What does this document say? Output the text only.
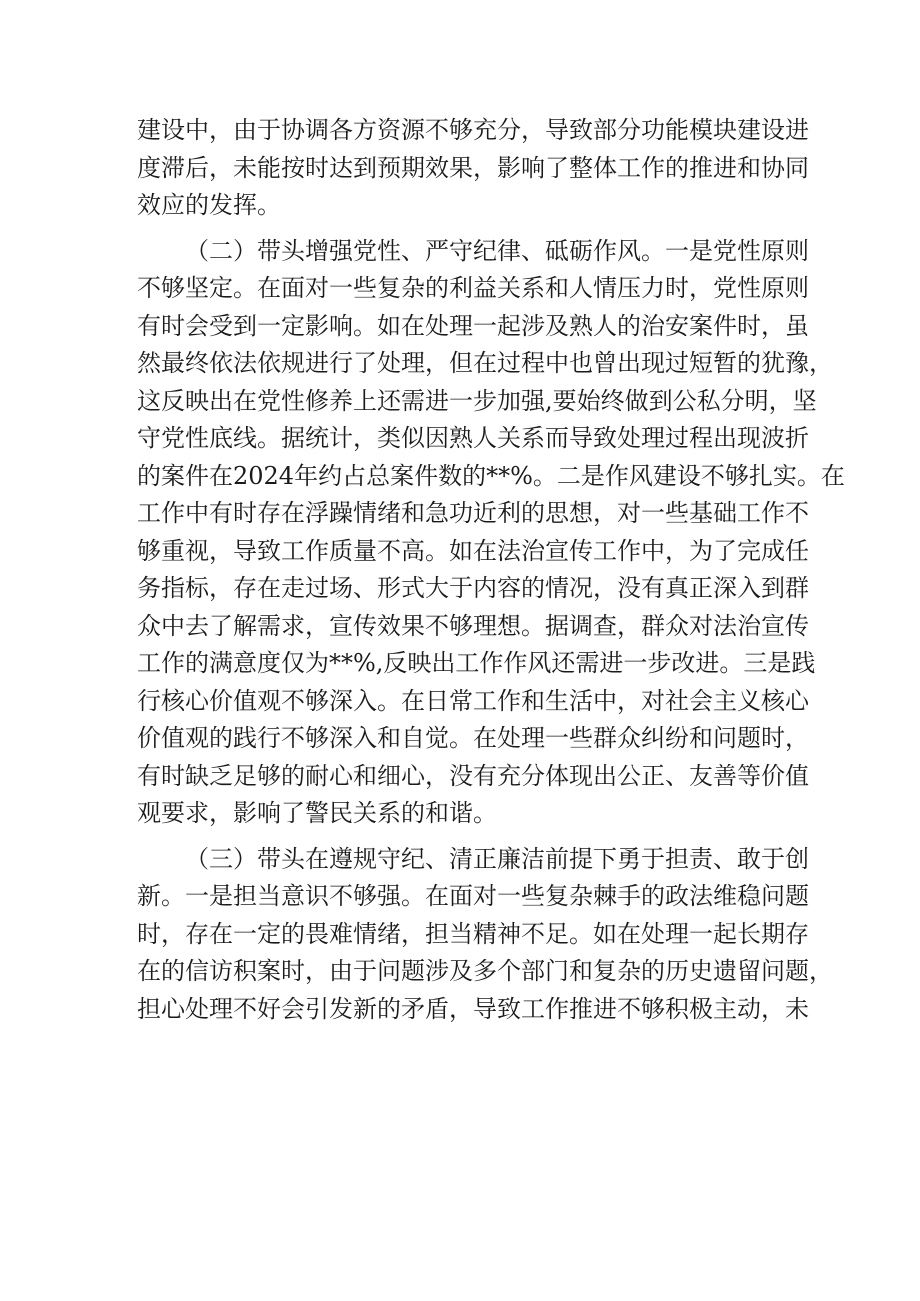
建设中，由于协调各方资源不够充分，导致部分功能模块建设进
度滞后，未能按时达到预期效果，影响了整体工作的推进和协同
效应的发挥。
（二）带头增强党性、严守纪律、砥砺作风。一是党性原则
不够坚定。在面对一些复杂的利益关系和人情压力时，党性原则
有时会受到一定影响。如在处理一起涉及熟人的治安案件时，虽
然最终依法依规进行了处理，但在过程中也曾出现过短暂的犹豫，
这反映出在党性修养上还需进一步加强,要始终做到公私分明，坚
守党性底线。据统计，类似因熟人关系而导致处理过程出现波折
的案件在2024年约占总案件数的**%。二是作风建设不够扎实。在
工作中有时存在浮躁情绪和急功近利的思想，对一些基础工作不
够重视，导致工作质量不高。如在法治宣传工作中，为了完成任
务指标，存在走过场、形式大于内容的情况，没有真正深入到群
众中去了解需求，宣传效果不够理想。据调查，群众对法治宣传
工作的满意度仅为**%,反映出工作作风还需进一步改进。三是践
行核心价值观不够深入。在日常工作和生活中，对社会主义核心
价值观的践行不够深入和自觉。在处理一些群众纠纷和问题时，
有时缺乏足够的耐心和细心，没有充分体现出公正、友善等价值
观要求，影响了警民关系的和谐。
（三）带头在遵规守纪、清正廉洁前提下勇于担责、敢于创
新。一是担当意识不够强。在面对一些复杂棘手的政法维稳问题
时，存在一定的畏难情绪，担当精神不足。如在处理一起长期存
在的信访积案时，由于问题涉及多个部门和复杂的历史遗留问题，
担心处理不好会引发新的矛盾，导致工作推进不够积极主动，未
